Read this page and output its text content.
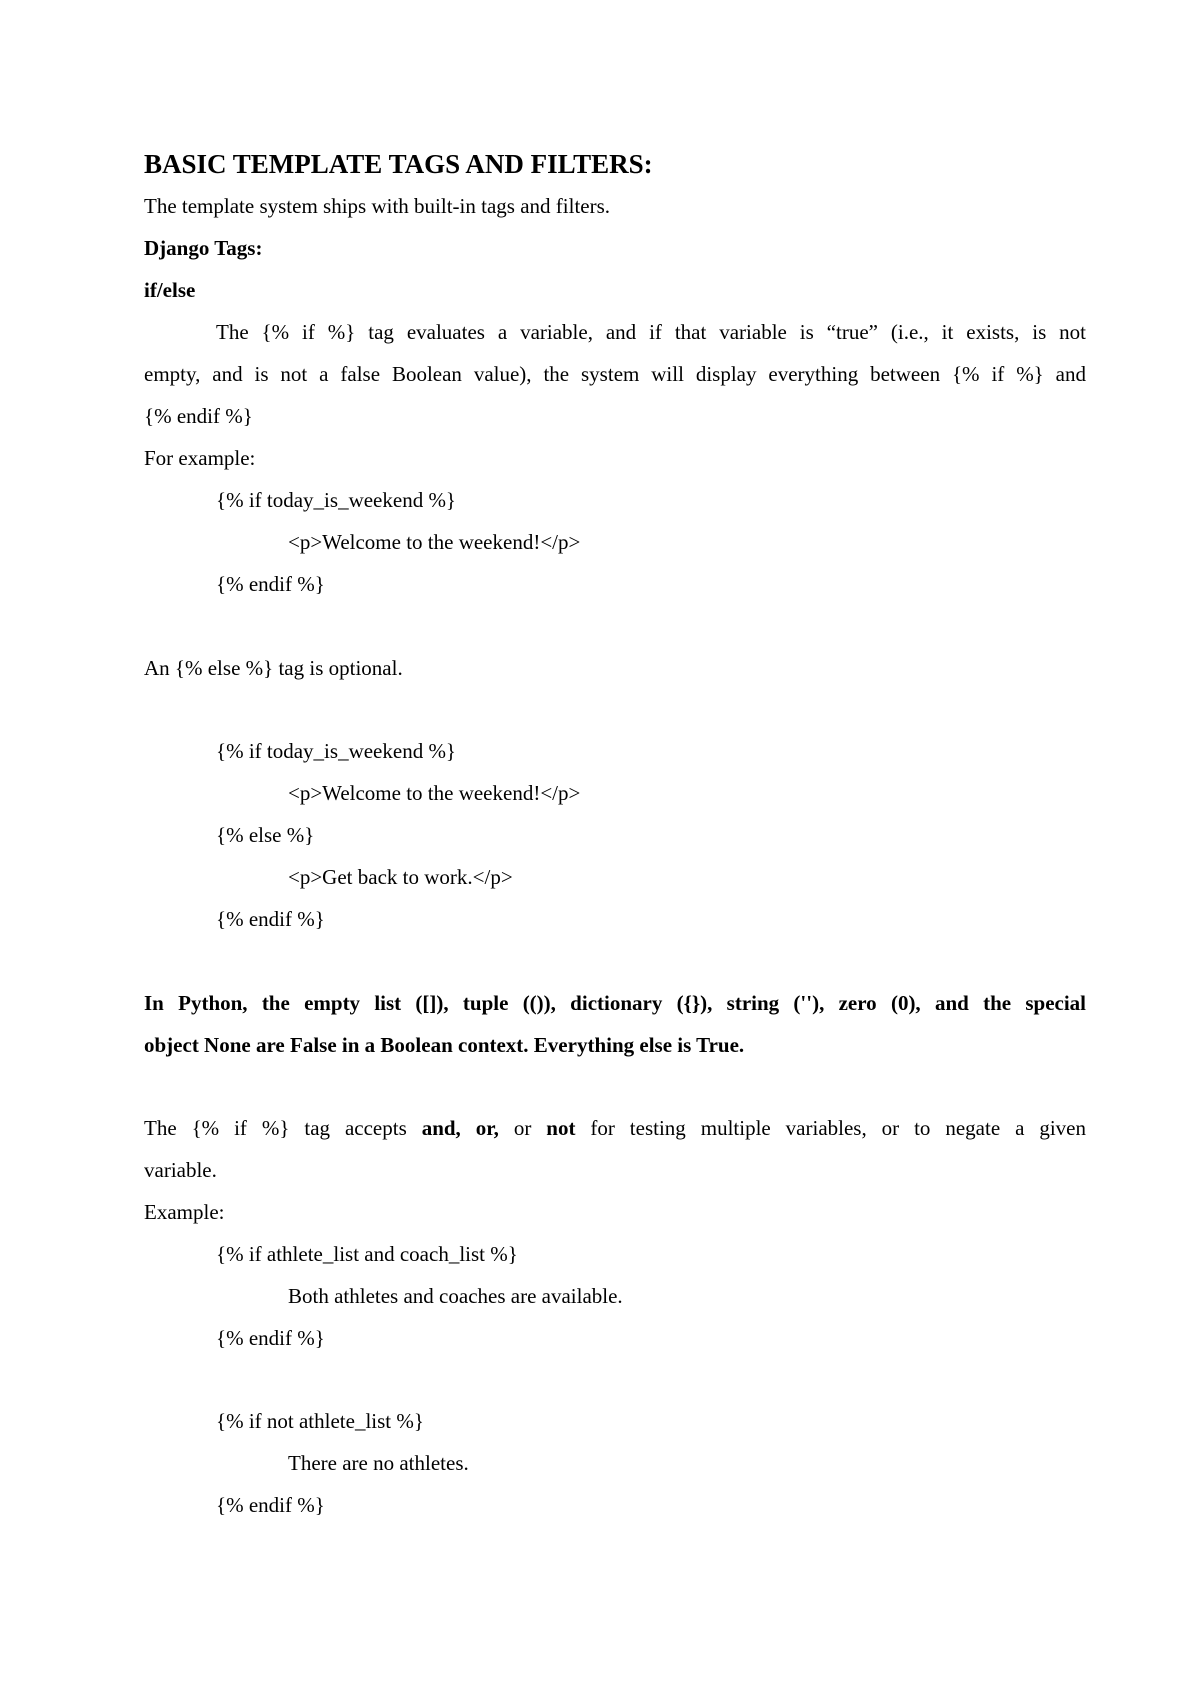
BASIC TEMPLATE TAGS AND FILTERS:
The template system ships with built-in tags and filters.
Django Tags:
if/else
The {% if %} tag evaluates a variable, and if that variable is “true” (i.e., it exists, is not
empty, and is not a false Boolean value), the system will display everything between {% if %} and
{% endif %}
For example:
{% if today_is_weekend %}
<p>Welcome to the weekend!</p>
{% endif %}
An {% else %} tag is optional.
{% if today_is_weekend %}
<p>Welcome to the weekend!</p>
{% else %}
<p>Get back to work.</p>
{% endif %}
In Python, the empty list ([]), tuple (()), dictionary ({}), string (''), zero (0), and the special
object None are False in a Boolean context. Everything else is True.
The {% if %} tag accepts and, or, or not for testing multiple variables, or to negate a given
variable.
Example:
{% if athlete_list and coach_list %}
Both athletes and coaches are available.
{% endif %}
{% if not athlete_list %}
There are no athletes.
{% endif %}
